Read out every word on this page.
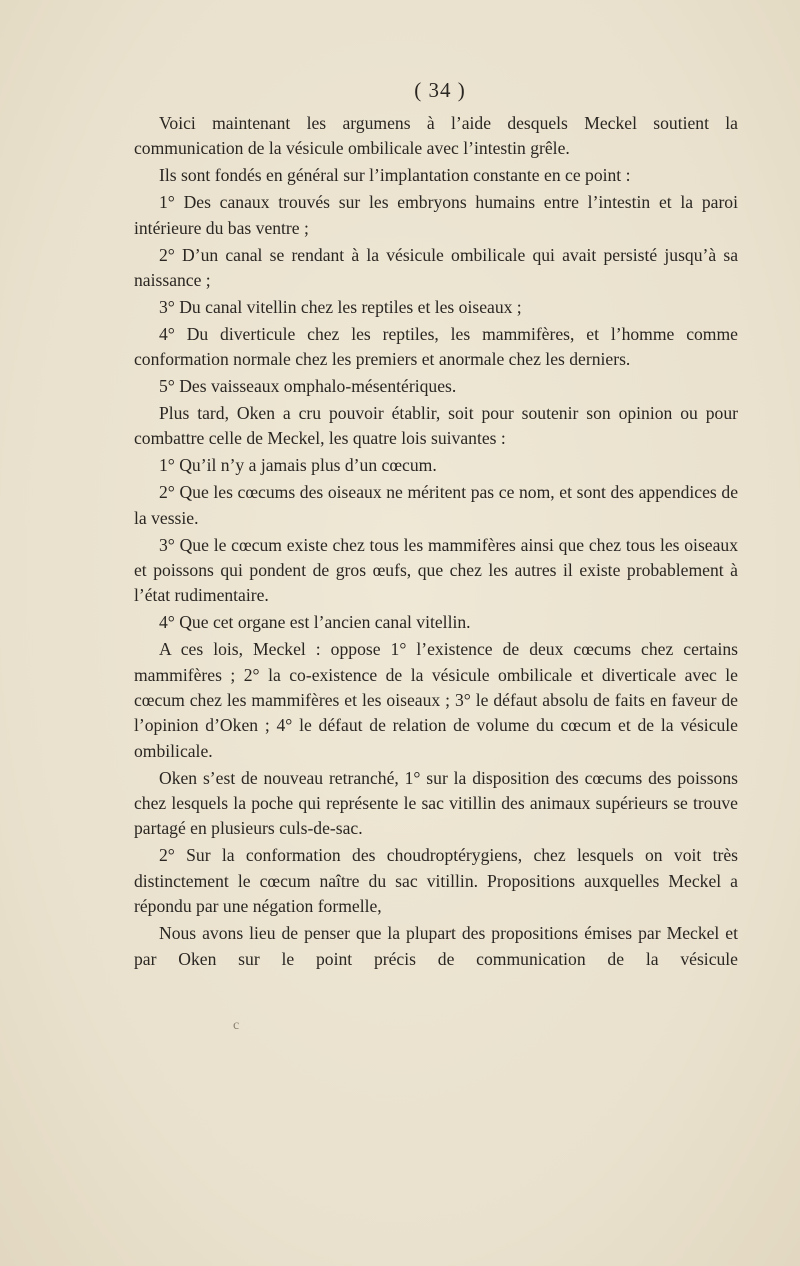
( 34 )

Voici maintenant les argumens à l’aide desquels Meckel soutient la communication de la vésicule ombilicale avec l’intestin grêle.

Ils sont fondés en général sur l’implantation constante en ce point :

1° Des canaux trouvés sur les embryons humains entre l’intestin et la paroi intérieure du bas ventre ;

2° D’un canal se rendant à la vésicule ombilicale qui avait persisté jusqu’à sa naissance ;

3° Du canal vitellin chez les reptiles et les oiseaux ;

4° Du diverticule chez les reptiles, les mammifères, et l’homme comme conformation normale chez les premiers et anormale chez les derniers.

5° Des vaisseaux omphalo-mésentériques.

Plus tard, Oken a cru pouvoir établir, soit pour soutenir son opinion ou pour combattre celle de Meckel, les quatre lois suivantes :

1° Qu’il n’y a jamais plus d’un cœcum.

2° Que les cœcums des oiseaux ne méritent pas ce nom, et sont des appendices de la vessie.

3° Que le cœcum existe chez tous les mammifères ainsi que chez tous les oiseaux et poissons qui pondent de gros œufs, que chez les autres il existe probablement à l’état rudimentaire.

4° Que cet organe est l’ancien canal vitellin.

A ces lois, Meckel : oppose 1° l’existence de deux cœcums chez certains mammifères ; 2° la co-existence de la vésicule ombilicale et diverticale avec le cœcum chez les mammifères et les oiseaux ; 3° le défaut absolu de faits en faveur de l’opinion d’Oken ; 4° le défaut de relation de volume du cœcum et de la vésicule ombilicale.

Oken s’est de nouveau retranché, 1° sur la disposition des cœcums des poissons chez lesquels la poche qui représente le sac vitillin des animaux supérieurs se trouve partagé en plusieurs culs-de-sac.

2° Sur la conformation des choudroptérygiens, chez lesquels on voit très distinctement le cœcum naître du sac vitillin. Propositions auxquelles Meckel a répondu par une négation formelle,

Nous avons lieu de penser que la plupart des propositions émises par Meckel et par Oken sur le point précis de communication de la vésicule

c
